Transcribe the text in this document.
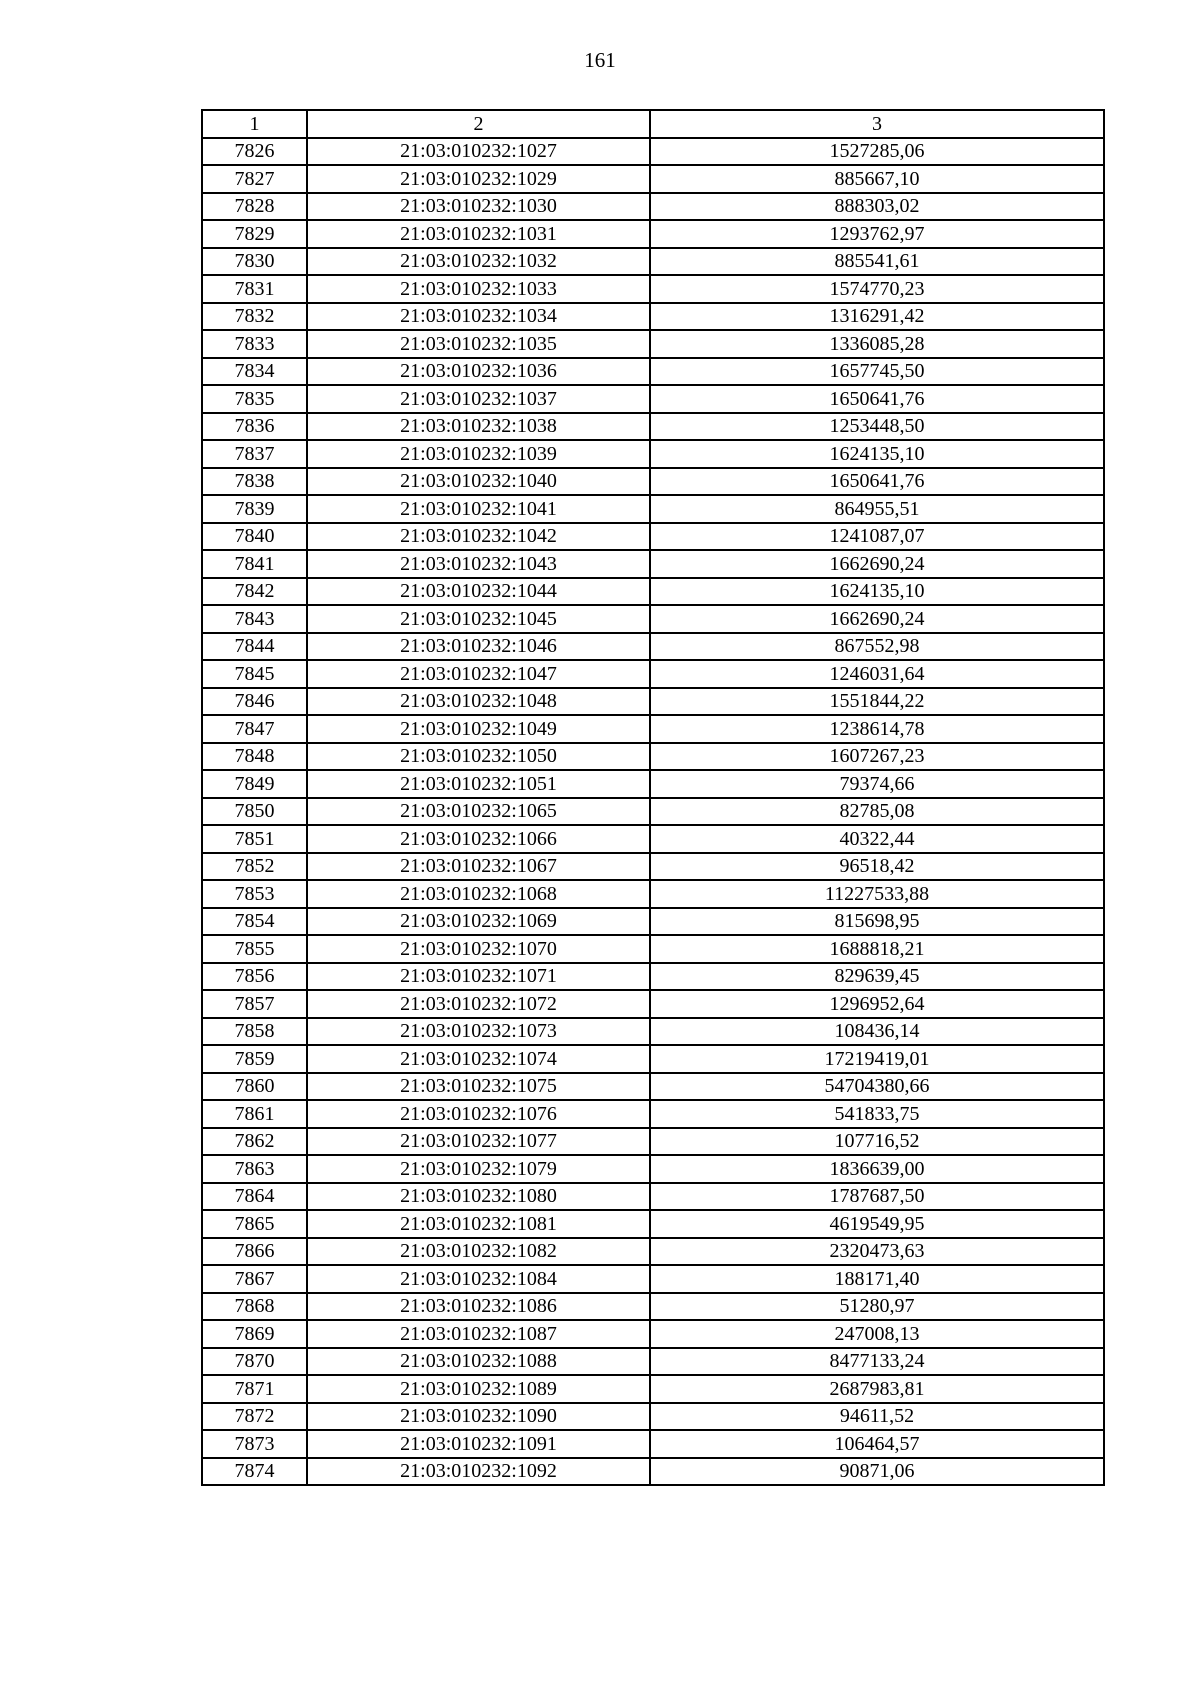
161
1	2	3
7826	21:03:010232:1027	1527285,06
7827	21:03:010232:1029	885667,10
7828	21:03:010232:1030	888303,02
7829	21:03:010232:1031	1293762,97
7830	21:03:010232:1032	885541,61
7831	21:03:010232:1033	1574770,23
7832	21:03:010232:1034	1316291,42
7833	21:03:010232:1035	1336085,28
7834	21:03:010232:1036	1657745,50
7835	21:03:010232:1037	1650641,76
7836	21:03:010232:1038	1253448,50
7837	21:03:010232:1039	1624135,10
7838	21:03:010232:1040	1650641,76
7839	21:03:010232:1041	864955,51
7840	21:03:010232:1042	1241087,07
7841	21:03:010232:1043	1662690,24
7842	21:03:010232:1044	1624135,10
7843	21:03:010232:1045	1662690,24
7844	21:03:010232:1046	867552,98
7845	21:03:010232:1047	1246031,64
7846	21:03:010232:1048	1551844,22
7847	21:03:010232:1049	1238614,78
7848	21:03:010232:1050	1607267,23
7849	21:03:010232:1051	79374,66
7850	21:03:010232:1065	82785,08
7851	21:03:010232:1066	40322,44
7852	21:03:010232:1067	96518,42
7853	21:03:010232:1068	11227533,88
7854	21:03:010232:1069	815698,95
7855	21:03:010232:1070	1688818,21
7856	21:03:010232:1071	829639,45
7857	21:03:010232:1072	1296952,64
7858	21:03:010232:1073	108436,14
7859	21:03:010232:1074	17219419,01
7860	21:03:010232:1075	54704380,66
7861	21:03:010232:1076	541833,75
7862	21:03:010232:1077	107716,52
7863	21:03:010232:1079	1836639,00
7864	21:03:010232:1080	1787687,50
7865	21:03:010232:1081	4619549,95
7866	21:03:010232:1082	2320473,63
7867	21:03:010232:1084	188171,40
7868	21:03:010232:1086	51280,97
7869	21:03:010232:1087	247008,13
7870	21:03:010232:1088	8477133,24
7871	21:03:010232:1089	2687983,81
7872	21:03:010232:1090	94611,52
7873	21:03:010232:1091	106464,57
7874	21:03:010232:1092	90871,06
